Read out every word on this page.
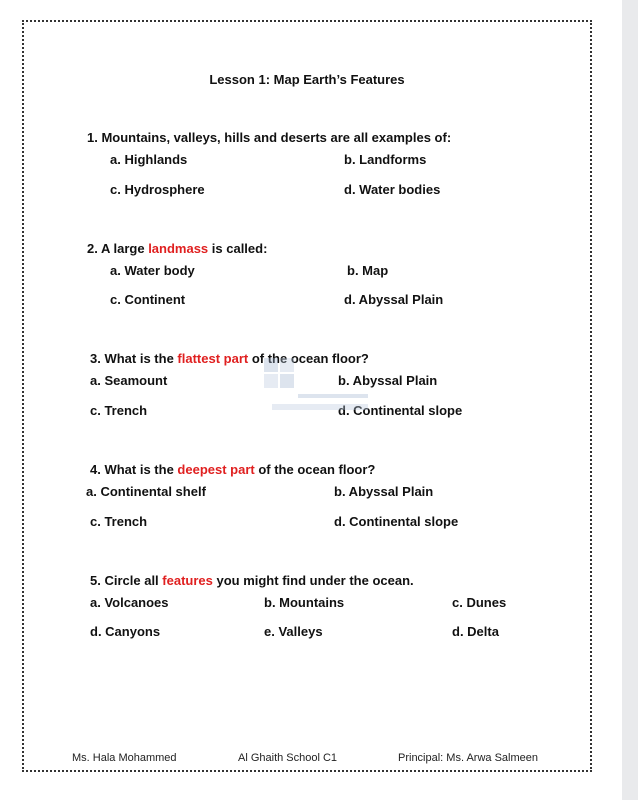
Lesson 1: Map Earth’s Features
1. Mountains, valleys, hills and deserts are all examples of:
a. Highlands	b. Landforms
c. Hydrosphere	d. Water bodies
2. A large landmass is called:
a. Water body	b. Map
c. Continent	d. Abyssal Plain
3. What is the flattest part of the ocean floor?
a. Seamount	b. Abyssal Plain
c. Trench	d. Continental slope
4. What is the deepest part of the ocean floor?
a. Continental shelf	b. Abyssal Plain
c. Trench	d. Continental slope
5. Circle all features you might find under the ocean.
a. Volcanoes	b. Mountains	c. Dunes
d. Canyons	e. Valleys	d. Delta
Ms. Hala Mohammed	Al Ghaith School C1	Principal: Ms. Arwa Salmeen
